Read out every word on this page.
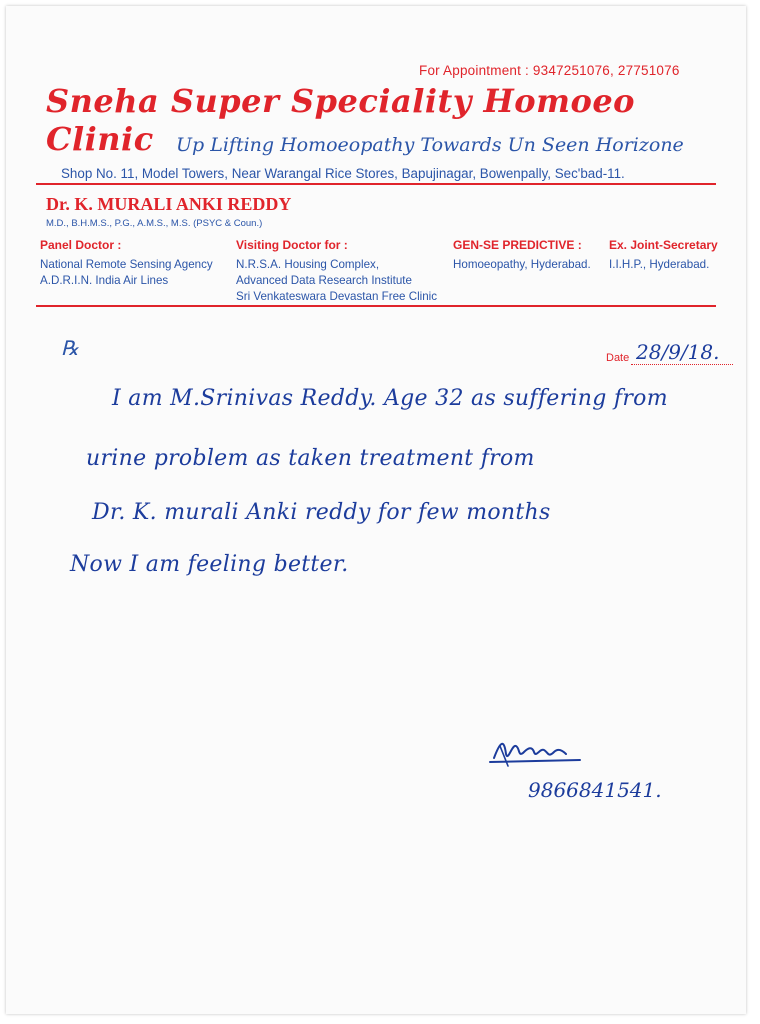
For Appointment : 9347251076, 27751076
Sneha Super Speciality Homoeo Clinic	Up Lifting Homoeopathy Towards Un Seen Horizone
Shop No. 11, Model Towers, Near Warangal Rice Stores, Bapujinagar, Bowenpally, Sec'bad-11.
Dr. K. MURALI ANKI REDDY
M.D., B.H.M.S., P.G., A.M.S., M.S. (PSYC & Coun.)
Panel Doctor :
National Remote Sensing Agency
A.D.R.I.N. India Air Lines
Visiting Doctor for :
N.R.S.A. Housing Complex,
Advanced Data Research Institute
Sri Venkateswara Devastan Free Clinic
GEN-SE PREDICTIVE :
Homoeopathy, Hyderabad.
Ex. Joint-Secretary
I.I.H.P., Hyderabad.
℞	Date 28/9/18.
I am M.Srinivas Reddy. Age 32 as suffering from
urine problem as taken treatment from
Dr. K. murali Anki reddy for few months
Now I am feeling better.
9866841541.
